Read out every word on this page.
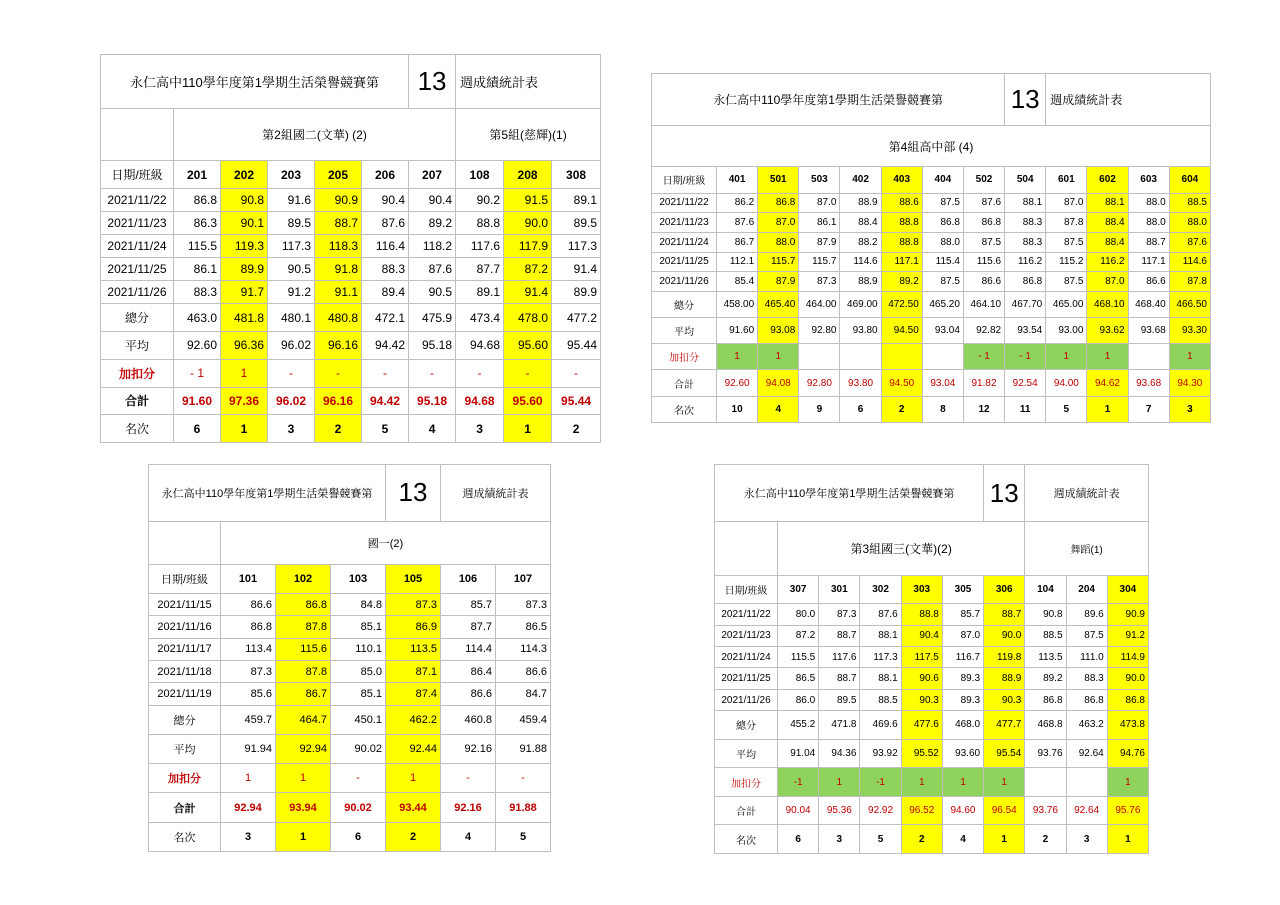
永仁高中110學年度第1學期生活榮譽競賽第						13	週成績統計表		
	第2組國二(文華) (2)						第5組(慈輝)(1)		
日期/班級	201	202	203	205	206	207	108	208	308
2021/11/22	86.8	90.8	91.6	90.9	90.4	90.4	90.2	91.5	89.1
2021/11/23	86.3	90.1	89.5	88.7	87.6	89.2	88.8	90.0	89.5
2021/11/24	115.5	119.3	117.3	118.3	116.4	118.2	117.6	117.9	117.3
2021/11/25	86.1	89.9	90.5	91.8	88.3	87.6	87.7	87.2	91.4
2021/11/26	88.3	91.7	91.2	91.1	89.4	90.5	89.1	91.4	89.9
總分	463.0	481.8	480.1	480.8	472.1	475.9	473.4	478.0	477.2
平均	92.60	96.36	96.02	96.16	94.42	95.18	94.68	95.60	95.44
加扣分	- 1	1	-	-	-	-	-	-	-
合計	91.60	97.36	96.02	96.16	94.42	95.18	94.68	95.60	95.44
名次	6	1	3	2	5	4	3	1	2
永仁高中110學年度第1學期生活榮譽競賽第								13	週成績統計表			
第4組高中部 (4)												
日期/班級	401	501	503	402	403	404	502	504	601	602	603	604
2021/11/22	86.2	86.8	87.0	88.9	88.6	87.5	87.6	88.1	87.0	88.1	88.0	88.5
2021/11/23	87.6	87.0	86.1	88.4	88.8	86.8	86.8	88.3	87.8	88.4	88.0	88.0
2021/11/24	86.7	88.0	87.9	88.2	88.8	88.0	87.5	88.3	87.5	88.4	88.7	87.6
2021/11/25	112.1	115.7	115.7	114.6	117.1	115.4	115.6	116.2	115.2	116.2	117.1	114.6
2021/11/26	85.4	87.9	87.3	88.9	89.2	87.5	86.6	86.8	87.5	87.0	86.6	87.8
總分	458.00	465.40	464.00	469.00	472.50	465.20	464.10	467.70	465.00	468.10	468.40	466.50
平均	91.60	93.08	92.80	93.80	94.50	93.04	92.82	93.54	93.00	93.62	93.68	93.30
加扣分	1	1					- 1	- 1	1	1		1
合計	92.60	94.08	92.80	93.80	94.50	93.04	91.82	92.54	94.00	94.62	93.68	94.30
名次	10	4	9	6	2	8	12	11	5	1	7	3
永仁高中110學年度第1學期生活榮譽競賽第				13	週成績統計表	
	國一(2)					
日期/班級	101	102	103	105	106	107
2021/11/15	86.6	86.8	84.8	87.3	85.7	87.3
2021/11/16	86.8	87.8	85.1	86.9	87.7	86.5
2021/11/17	113.4	115.6	110.1	113.5	114.4	114.3
2021/11/18	87.3	87.8	85.0	87.1	86.4	86.6
2021/11/19	85.6	86.7	85.1	87.4	86.6	84.7
總分	459.7	464.7	450.1	462.2	460.8	459.4
平均	91.94	92.94	90.02	92.44	92.16	91.88
加扣分	1	1	-	1	-	-
合計	92.94	93.94	90.02	93.44	92.16	91.88
名次	3	1	6	2	4	5
永仁高中110學年度第1學期生活榮譽競賽第						13	週成績統計表		
	第3組國三(文華)(2)						舞蹈(1)		
日期/班級	307	301	302	303	305	306	104	204	304
2021/11/22	80.0	87.3	87.6	88.8	85.7	88.7	90.8	89.6	90.9
2021/11/23	87.2	88.7	88.1	90.4	87.0	90.0	88.5	87.5	91.2
2021/11/24	115.5	117.6	117.3	117.5	116.7	119.8	113.5	111.0	114.9
2021/11/25	86.5	88.7	88.1	90.6	89.3	88.9	89.2	88.3	90.0
2021/11/26	86.0	89.5	88.5	90.3	89.3	90.3	86.8	86.8	86.8
總分	455.2	471.8	469.6	477.6	468.0	477.7	468.8	463.2	473.8
平均	91.04	94.36	93.92	95.52	93.60	95.54	93.76	92.64	94.76
加扣分	-1	1	-1	1	1	1			1
合計	90.04	95.36	92.92	96.52	94.60	96.54	93.76	92.64	95.76
名次	6	3	5	2	4	1	2	3	1
